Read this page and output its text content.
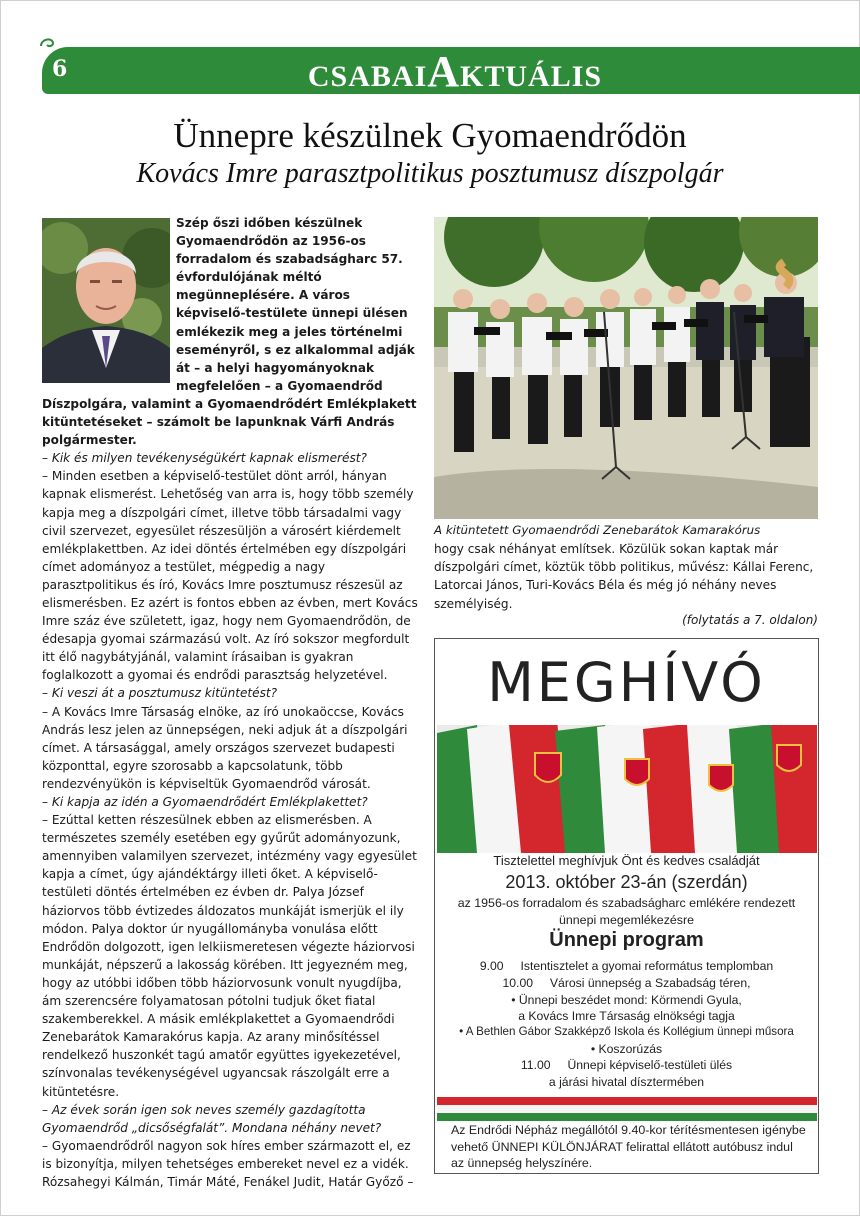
6	CSABAIAKTUÁLIS
Ünnepre készülnek Gyomaendrődön
Kovács Imre parasztpolitikus posztumusz díszpolgár

Szép őszi időben készülnek Gyomaendrődön az 1956-os forradalom és szabadságharc 57. évfordulójának méltó megünneplésére. A város képviselő-testülete ünnepi ülésen emlékezik meg a jeles történelmi eseményről, s ez alkalommal adják át – a helyi hagyományoknak megfelelően – a Gyomaendrőd Díszpolgára, valamint a Gyomaendrődért Emlékplakett kitüntetéseket – számolt be lapunknak Várfi András polgármester.

– Kik és milyen tevékenységükért kapnak elismerést?

– Minden esetben a képviselő-testület dönt arról, hányan kapnak elismerést. Lehetőség van arra is, hogy több személy kapja meg a díszpolgári címet, illetve több társadalmi vagy civil szervezet, egyesület részesüljön a városért kiérdemelt emlékplakettben. Az idei döntés értelmében egy díszpolgári címet adományoz a testület, mégpedig a nagy parasztpolitikus és író, Kovács Imre posztumusz részesül az elismerésben. Ez azért is fontos ebben az évben, mert Kovács Imre száz éve született, igaz, hogy nem Gyomaendrődön, de édesapja gyomai származású volt. Az író sokszor megfordult itt élő nagybátyjánál, valamint írásaiban is gyakran foglalkozott a gyomai és endrődi parasztság helyzetével.

– Ki veszi át a posztumusz kitüntetést?

– A Kovács Imre Társaság elnöke, az író unokaöccse, Kovács András lesz jelen az ünnepségen, neki adjuk át a díszpolgári címet. A társasággal, amely országos szervezet budapesti központtal, egyre szorosabb a kapcsolatunk, több rendezvényükön is képviseltük Gyomaendrőd városát.

– Ki kapja az idén a Gyomaendrődért Emlékplakettet?

– Ezúttal ketten részesülnek ebben az elismerésben. A természetes személy esetében egy gyűrűt adományozunk, amennyiben valamilyen szervezet, intézmény vagy egyesület kapja a címet, úgy ajándéktárgy illeti őket. A képviselő-testületi döntés értelmében ez évben dr. Palya József háziorvos több évtizedes áldozatos munkáját ismerjük el ily módon. Palya doktor úr nyugállományba vonulása előtt Endrődön dolgozott, igen lelkiismeretesen végezte háziorvosi munkáját, népszerű a lakosság körében. Itt jegyezném meg, hogy az utóbbi időben több háziorvosunk vonult nyugdíjba, ám szerencsére folyamatosan pótolni tudjuk őket fiatal szakemberekkel. A másik emlékplakettet a Gyomaendrődi Zenebarátok Kamarakórus kapja. Az arany minősítéssel rendelkező huszonkét tagú amatőr együttes igyekezetével, színvonalas tevékenységével ugyancsak rászolgált erre a kitüntetésre.

– Az évek során igen sok neves személy gazdagította Gyomaendrőd „dicsőségfalát”. Mondana néhány nevet?

– Gyomaendrődről nagyon sok híres ember származott el, ez is bizonyítja, milyen tehetséges embereket nevel ez a vidék. Rózsahegyi Kálmán, Timár Máté, Fenákel Judit, Határ Győző –

A kitüntetett Gyomaendrődi Zenebarátok Kamarakórus
hogy csak néhányat említsek. Közülük sokan kaptak már díszpolgári címet, köztük több politikus, művész: Kállai Ferenc, Latorcai János, Turi-Kovács Béla és még jó néhány neves személyiség.
(folytatás a 7. oldalon)
MEGHÍVÓ
Tisztelettel meghívjuk Önt és kedves családját
2013. október 23-án (szerdán)
az 1956-os forradalom és szabadságharc emlékére rendezett
ünnepi megemlékezésre
Ünnepi program
9.00     Istentisztelet a gyomai református templomban
10.00     Városi ünnepség a Szabadság téren,
• Ünnepi beszédet mond: Körmendi Gyula,
a Kovács Imre Társaság elnökségi tagja
• A Bethlen Gábor Szakképző Iskola és Kollégium ünnepi műsora
• Koszorúzás
11.00     Ünnepi képviselő-testületi ülés
a járási hivatal dísztermében
Az Endrődi Népház megállótól 9.40-kor térítésmentesen igénybe vehető ÜNNEPI KÜLÖNJÁRAT felirattal ellátott autóbusz indul az ünnepség helyszínére.
